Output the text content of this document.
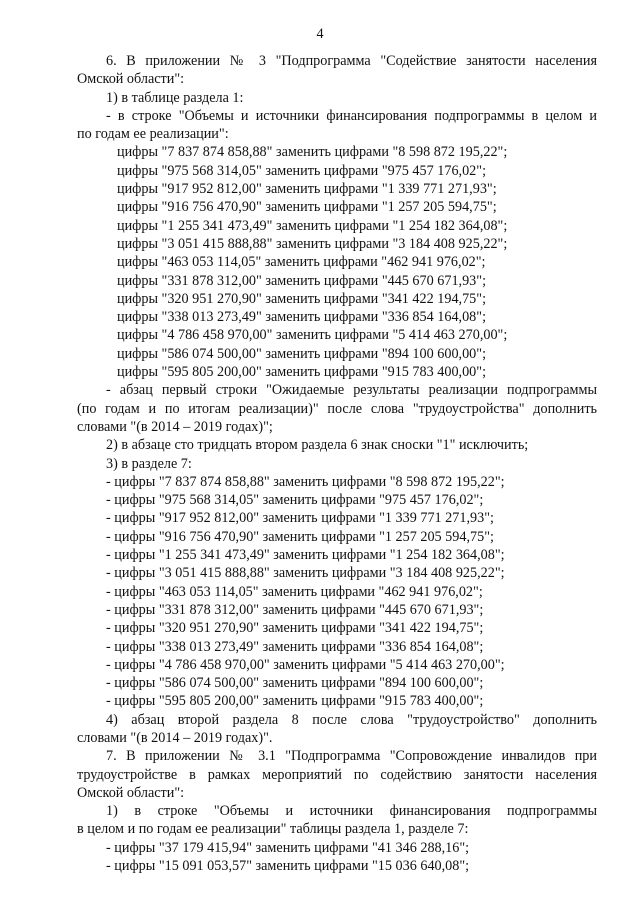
4
6. В приложении № 3 "Подпрограмма "Содействие занятости населения
Омской области":
1) в таблице раздела 1:
- в строке "Объемы и источники финансирования подпрограммы в целом и
по годам ее реализации":
цифры "7 837 874 858,88" заменить цифрами "8 598 872 195,22";
цифры "975 568 314,05" заменить цифрами "975 457 176,02";
цифры "917 952 812,00" заменить цифрами "1 339 771 271,93";
цифры "916 756 470,90" заменить цифрами "1 257 205 594,75";
цифры "1 255 341 473,49" заменить цифрами "1 254 182 364,08";
цифры "3 051 415 888,88" заменить цифрами "3 184 408 925,22";
цифры "463 053 114,05" заменить цифрами "462 941 976,02";
цифры "331 878 312,00" заменить цифрами "445 670 671,93";
цифры "320 951 270,90" заменить цифрами "341 422 194,75";
цифры "338 013 273,49" заменить цифрами "336 854 164,08";
цифры "4 786 458 970,00" заменить цифрами "5 414 463 270,00";
цифры "586 074 500,00" заменить цифрами "894 100 600,00";
цифры "595 805 200,00" заменить цифрами "915 783 400,00";
- абзац первый строки "Ожидаемые результаты реализации подпрограммы
(по годам и по итогам реализации)" после слова "трудоустройства" дополнить
словами "(в 2014 – 2019 годах)";
2) в абзаце сто тридцать втором раздела 6 знак сноски "1" исключить;
3) в разделе 7:
- цифры "7 837 874 858,88" заменить цифрами "8 598 872 195,22";
- цифры "975 568 314,05" заменить цифрами "975 457 176,02";
- цифры "917 952 812,00" заменить цифрами "1 339 771 271,93";
- цифры "916 756 470,90" заменить цифрами "1 257 205 594,75";
- цифры "1 255 341 473,49" заменить цифрами "1 254 182 364,08";
- цифры "3 051 415 888,88" заменить цифрами "3 184 408 925,22";
- цифры "463 053 114,05" заменить цифрами "462 941 976,02";
- цифры "331 878 312,00" заменить цифрами "445 670 671,93";
- цифры "320 951 270,90" заменить цифрами "341 422 194,75";
- цифры "338 013 273,49" заменить цифрами "336 854 164,08";
- цифры "4 786 458 970,00" заменить цифрами "5 414 463 270,00";
- цифры "586 074 500,00" заменить цифрами "894 100 600,00";
- цифры "595 805 200,00" заменить цифрами "915 783 400,00";
4) абзац второй раздела 8 после слова "трудоустройство" дополнить
словами "(в 2014 – 2019 годах)".
7. В приложении № 3.1 "Подпрограмма "Сопровождение инвалидов при
трудоустройстве в рамках мероприятий по содействию занятости населения
Омской области":
1) в строке "Объемы и источники финансирования подпрограммы
в целом и по годам ее реализации" таблицы раздела 1, разделе 7:
- цифры "37 179 415,94" заменить цифрами "41 346 288,16";
- цифры "15 091 053,57" заменить цифрами "15 036 640,08";
